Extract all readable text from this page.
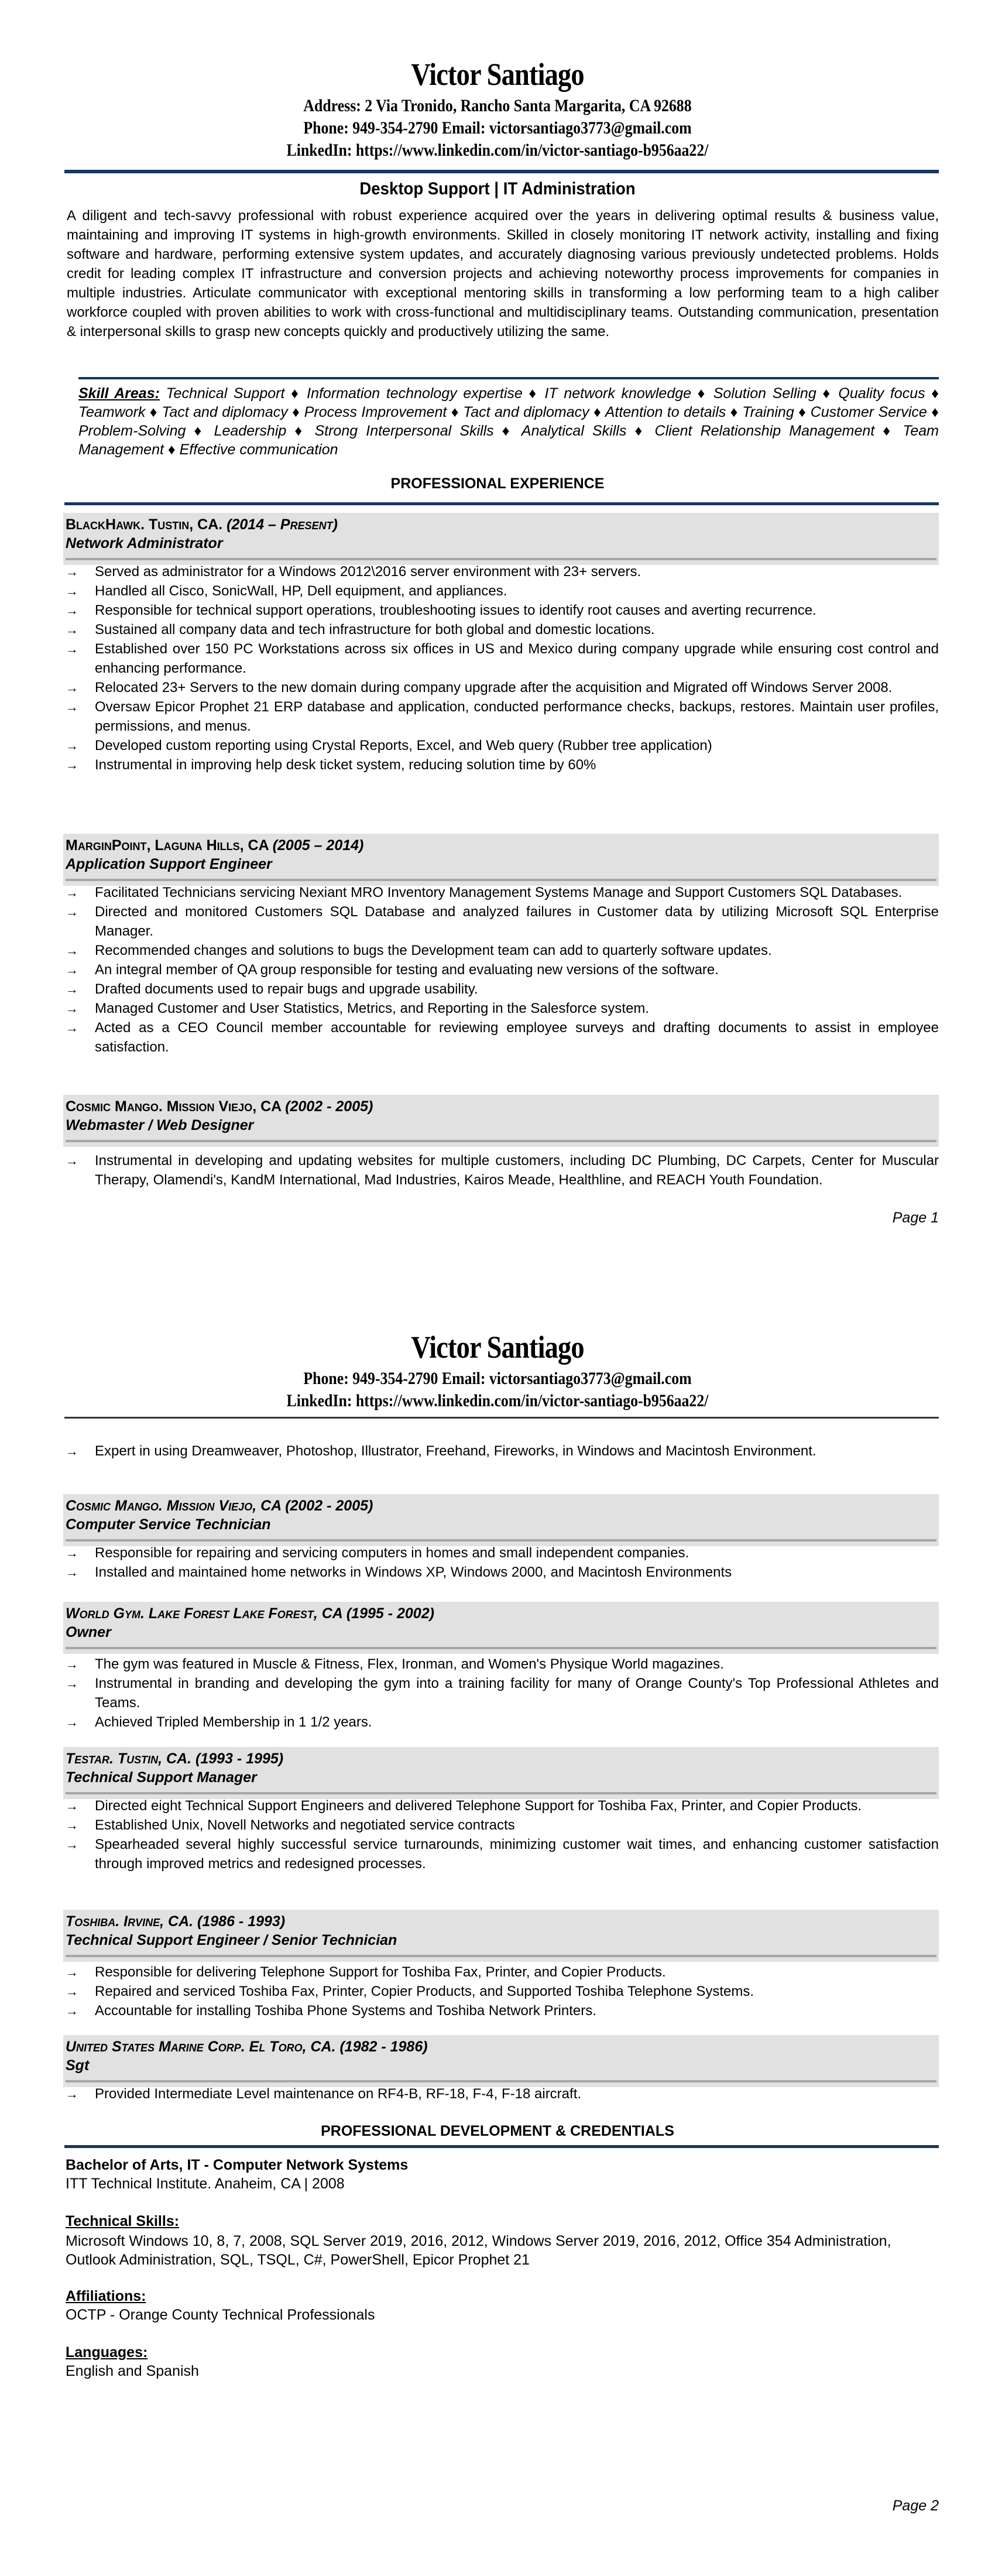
Victor Santiago
Address: 2 Via Tronido, Rancho Santa Margarita, CA 92688
Phone: 949-354-2790 Email: victorsantiago3773@gmail.com
LinkedIn: https://www.linkedin.com/in/victor-santiago-b956aa22/
Desktop Support | IT Administration
A diligent and tech-savvy professional with robust experience acquired over the years in delivering optimal results & business value, maintaining and improving IT systems in high-growth environments. Skilled in closely monitoring IT network activity, installing and fixing software and hardware, performing extensive system updates, and accurately diagnosing various previously undetected problems. Holds credit for leading complex IT infrastructure and conversion projects and achieving noteworthy process improvements for companies in multiple industries. Articulate communicator with exceptional mentoring skills in transforming a low performing team to a high caliber workforce coupled with proven abilities to work with cross-functional and multidisciplinary teams. Outstanding communication, presentation & interpersonal skills to grasp new concepts quickly and productively utilizing the same.
Skill Areas: Technical Support ♦ Information technology expertise ♦ IT network knowledge ♦ Solution Selling ♦ Quality focus ♦ Teamwork ♦ Tact and diplomacy ♦ Process Improvement ♦ Tact and diplomacy ♦ Attention to details ♦ Training ♦ Customer Service ♦ Problem-Solving ♦ Leadership ♦ Strong Interpersonal Skills ♦ Analytical Skills ♦ Client Relationship Management ♦ Team Management ♦ Effective communication
PROFESSIONAL EXPERIENCE
BlackHawk. Tustin, CA. (2014 – Present)
Network Administrator
→ Served as administrator for a Windows 2012\2016 server environment with 23+ servers.
→ Handled all Cisco, SonicWall, HP, Dell equipment, and appliances.
→ Responsible for technical support operations, troubleshooting issues to identify root causes and averting recurrence.
→ Sustained all company data and tech infrastructure for both global and domestic locations.
→ Established over 150 PC Workstations across six offices in US and Mexico during company upgrade while ensuring cost control and enhancing performance.
→ Relocated 23+ Servers to the new domain during company upgrade after the acquisition and Migrated off Windows Server 2008.
→ Oversaw Epicor Prophet 21 ERP database and application, conducted performance checks, backups, restores. Maintain user profiles, permissions, and menus.
→ Developed custom reporting using Crystal Reports, Excel, and Web query (Rubber tree application)
→ Instrumental in improving help desk ticket system, reducing solution time by 60%
MarginPoint, Laguna Hills, CA (2005 – 2014)
Application Support Engineer
→ Facilitated Technicians servicing Nexiant MRO Inventory Management Systems Manage and Support Customers SQL Databases.
→ Directed and monitored Customers SQL Database and analyzed failures in Customer data by utilizing Microsoft SQL Enterprise Manager.
→ Recommended changes and solutions to bugs the Development team can add to quarterly software updates.
→ An integral member of QA group responsible for testing and evaluating new versions of the software.
→ Drafted documents used to repair bugs and upgrade usability.
→ Managed Customer and User Statistics, Metrics, and Reporting in the Salesforce system.
→ Acted as a CEO Council member accountable for reviewing employee surveys and drafting documents to assist in employee satisfaction.
Cosmic Mango. Mission Viejo, CA (2002 - 2005)
Webmaster / Web Designer
→ Instrumental in developing and updating websites for multiple customers, including DC Plumbing, DC Carpets, Center for Muscular Therapy, Olamendi's, KandM International, Mad Industries, Kairos Meade, Healthline, and REACH Youth Foundation.
Page 1
Victor Santiago
Phone: 949-354-2790 Email: victorsantiago3773@gmail.com
LinkedIn: https://www.linkedin.com/in/victor-santiago-b956aa22/
→ Expert in using Dreamweaver, Photoshop, Illustrator, Freehand, Fireworks, in Windows and Macintosh Environment.
Cosmic Mango. Mission Viejo, CA (2002 - 2005)
Computer Service Technician
→ Responsible for repairing and servicing computers in homes and small independent companies.
→ Installed and maintained home networks in Windows XP, Windows 2000, and Macintosh Environments
World Gym. Lake Forest Lake Forest, CA (1995 - 2002)
Owner
→ The gym was featured in Muscle & Fitness, Flex, Ironman, and Women's Physique World magazines.
→ Instrumental in branding and developing the gym into a training facility for many of Orange County's Top Professional Athletes and Teams.
→ Achieved Tripled Membership in 1 1/2 years.
Testar. Tustin, CA. (1993 - 1995)
Technical Support Manager
→ Directed eight Technical Support Engineers and delivered Telephone Support for Toshiba Fax, Printer, and Copier Products.
→ Established Unix, Novell Networks and negotiated service contracts
→ Spearheaded several highly successful service turnarounds, minimizing customer wait times, and enhancing customer satisfaction through improved metrics and redesigned processes.
Toshiba. Irvine, CA. (1986 - 1993)
Technical Support Engineer / Senior Technician
→ Responsible for delivering Telephone Support for Toshiba Fax, Printer, and Copier Products.
→ Repaired and serviced Toshiba Fax, Printer, Copier Products, and Supported Toshiba Telephone Systems.
→ Accountable for installing Toshiba Phone Systems and Toshiba Network Printers.
United States Marine Corp. El Toro, CA. (1982 - 1986)
Sgt
→ Provided Intermediate Level maintenance on RF4-B, RF-18, F-4, F-18 aircraft.
PROFESSIONAL DEVELOPMENT & CREDENTIALS
Bachelor of Arts, IT - Computer Network Systems
ITT Technical Institute. Anaheim, CA | 2008
Technical Skills:
Microsoft Windows 10, 8, 7, 2008, SQL Server 2019, 2016, 2012, Windows Server 2019, 2016, 2012, Office 354 Administration, Outlook Administration, SQL, TSQL, C#, PowerShell, Epicor Prophet 21
Affiliations:
OCTP - Orange County Technical Professionals
Languages:
English and Spanish
Page 2
